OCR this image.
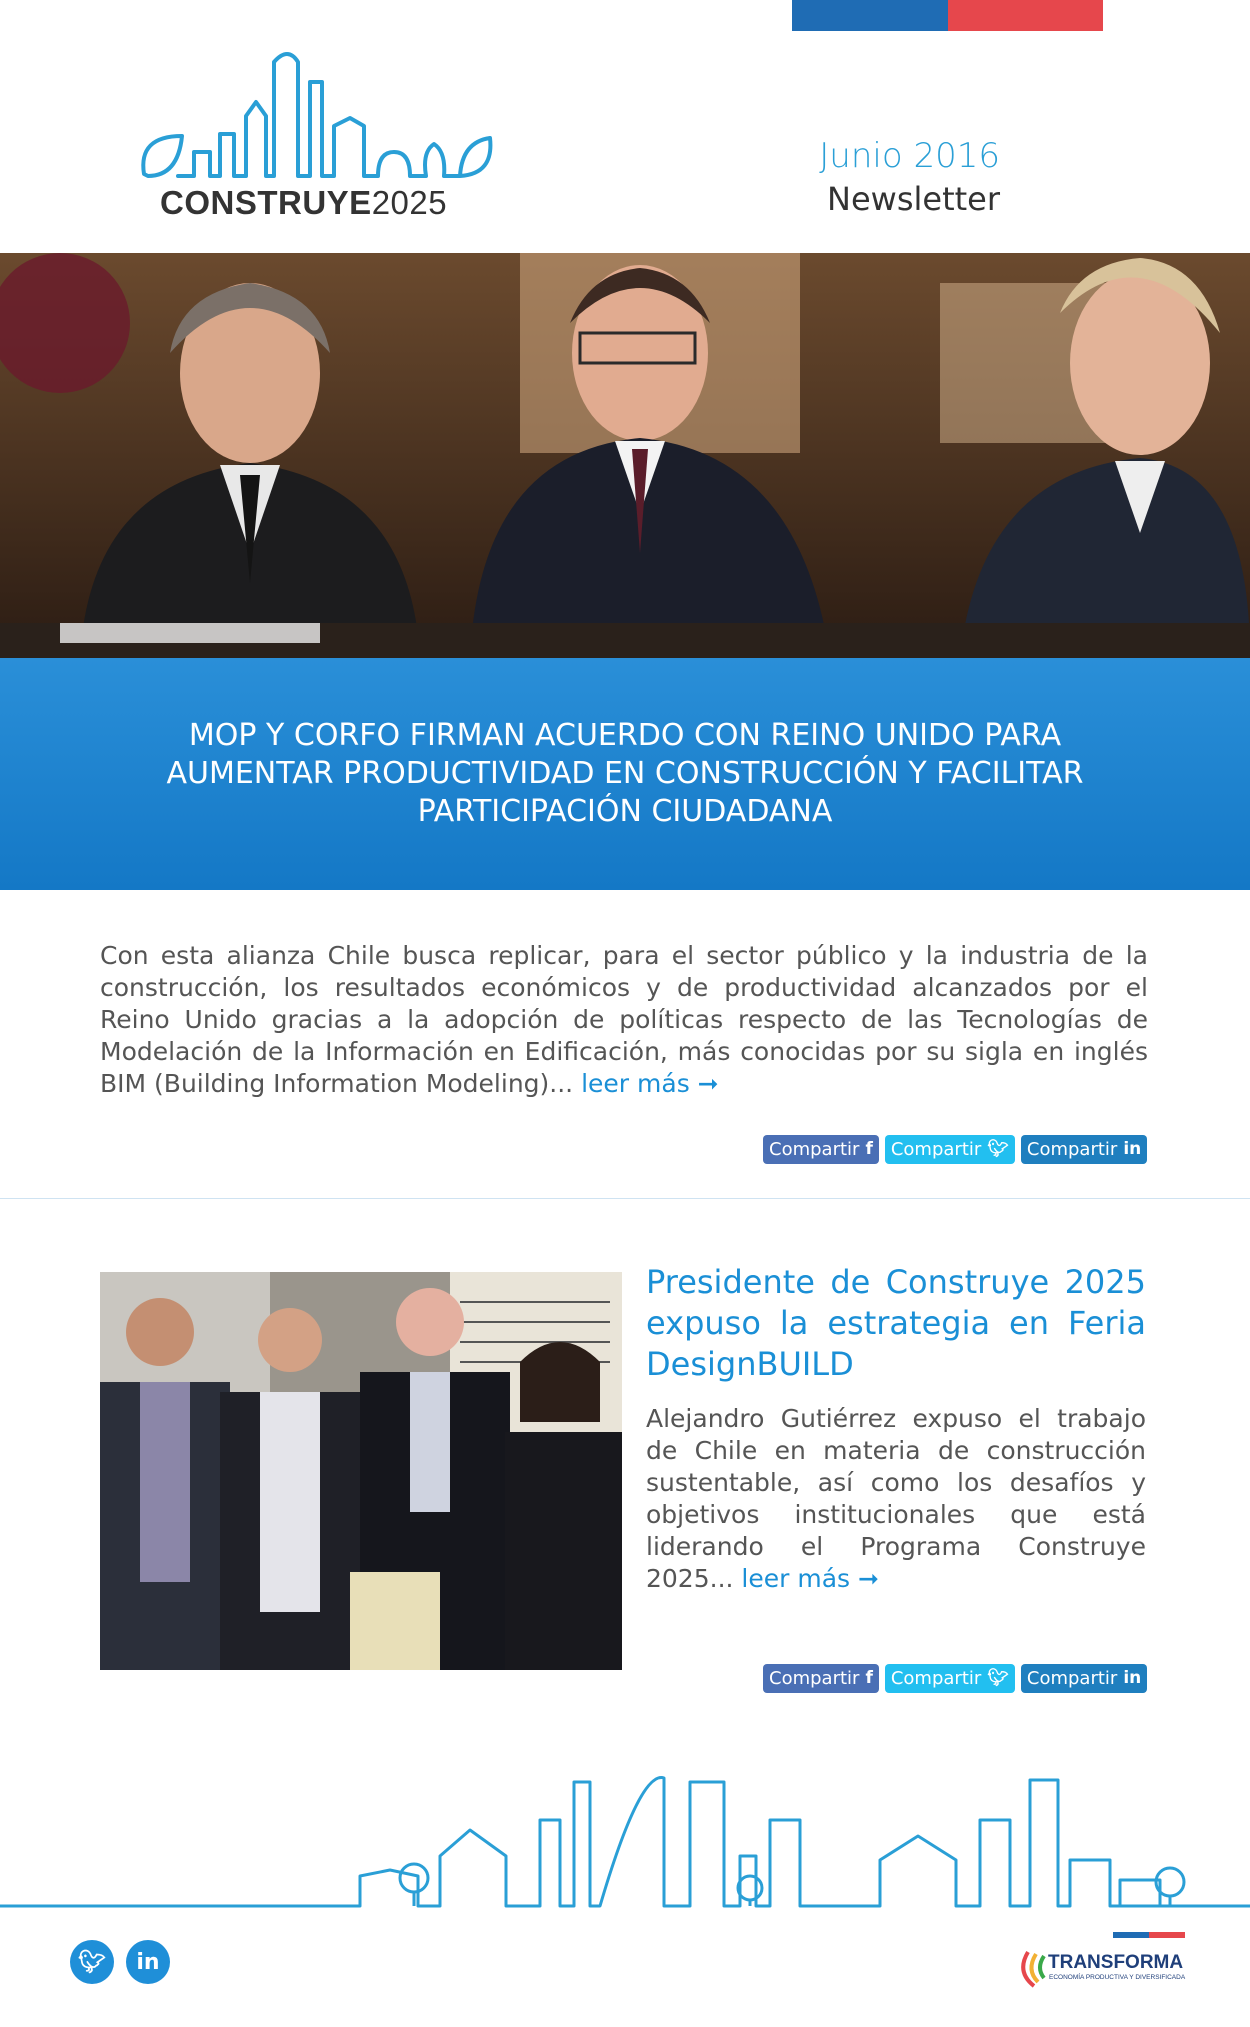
CONSTRUYE2025
Junio 2016
Newsletter
MOP Y CORFO FIRMAN ACUERDO CON REINO UNIDO PARA AUMENTAR PRODUCTIVIDAD EN CONSTRUCCIÓN Y FACILITAR PARTICIPACIÓN CIUDADANA
Con esta alianza Chile busca replicar, para el sector público y la industria de la construcción, los resultados económicos y de productividad alcanzados por el Reino Unido gracias a la adopción de políticas respecto de las Tecnologías de Modelación de la Información en Edificación, más conocidas por su sigla en inglés BIM (Building Information Modeling)... leer más ➞
Compartir f Compartir 🐦︎ Compartir in
Presidente de Construye 2025 expuso la estrategia en Feria DesignBUILD

Alejandro Gutiérrez expuso el trabajo de Chile en materia de construcción sustentable, así como los desafíos y objetivos institucionales que está liderando el Programa Construye 2025... leer más ➞

Compartir f Compartir 🐦︎ Compartir in
🐦︎	in	TRANSFORMA
ECONOMÍA PRODUCTIVA Y DIVERSIFICADA
